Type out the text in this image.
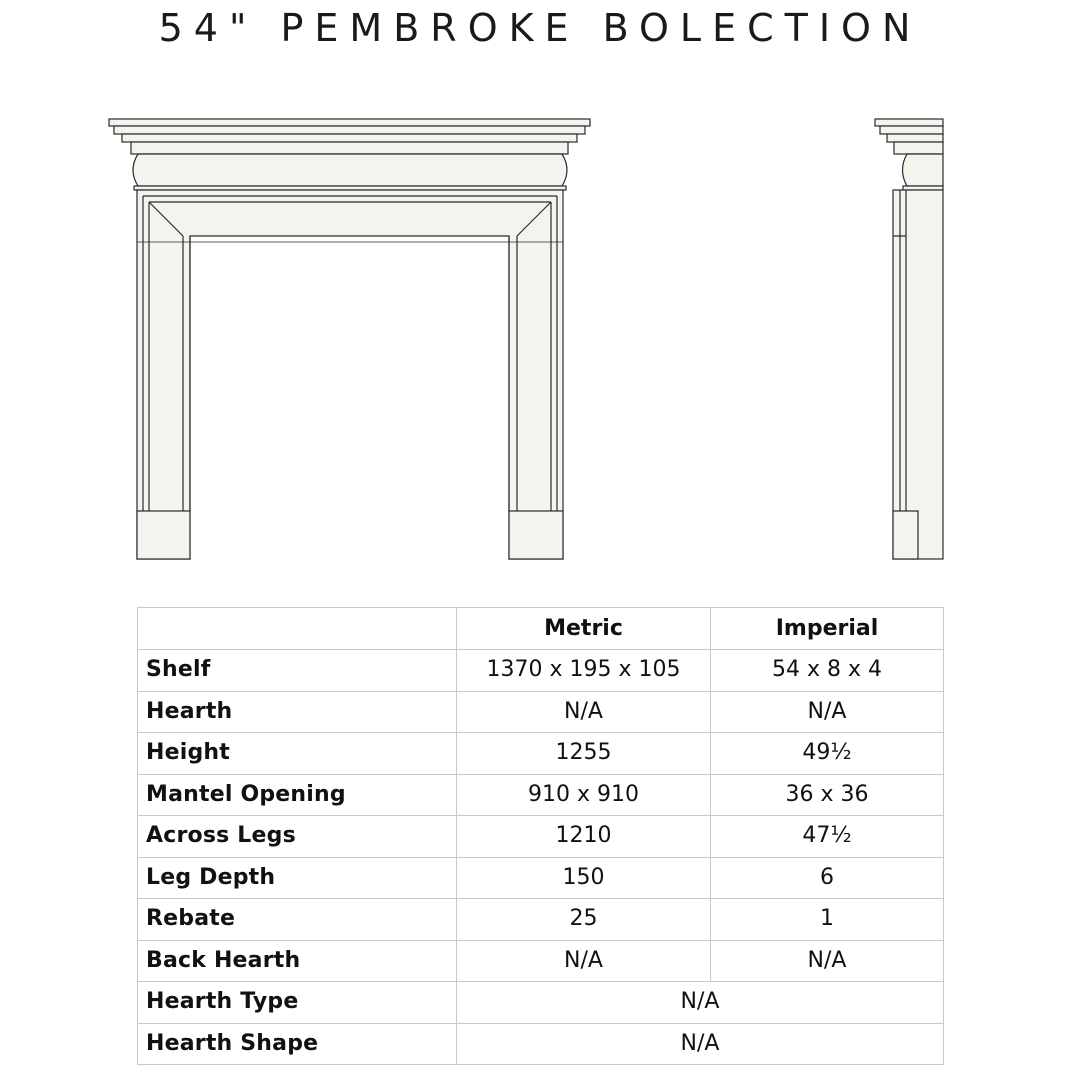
54" PEMBROKE BOLECTION
	Metric	Imperial
Shelf	1370 x 195 x 105	54 x 8 x 4
Hearth	N/A	N/A
Height	1255	49½
Mantel Opening	910 x 910	36 x 36
Across Legs	1210	47½
Leg Depth	150	6
Rebate	25	1
Back Hearth	N/A	N/A
Hearth Type	N/A	
Hearth Shape	N/A	
